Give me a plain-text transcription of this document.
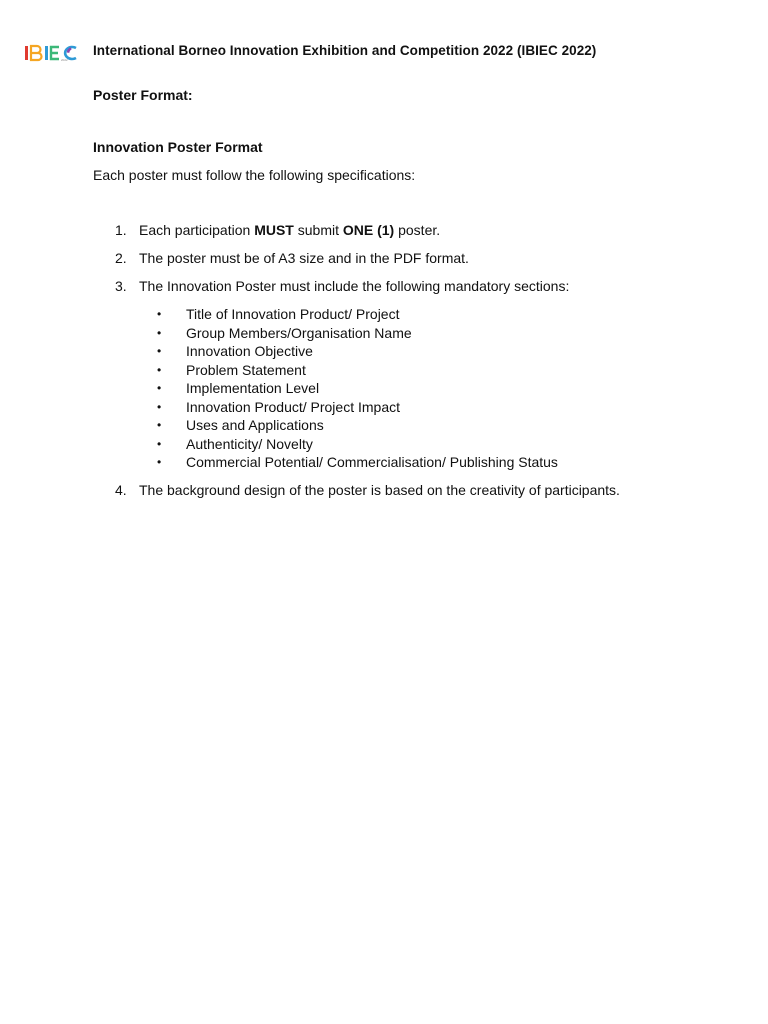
2022
International Borneo Innovation Exhibition and Competition 2022 (IBIEC 2022)
Poster Format:
Innovation Poster Format
Each poster must follow the following specifications:
1. Each participation MUST submit ONE (1) poster.
2. The poster must be of A3 size and in the PDF format.
3. The Innovation Poster must include the following mandatory sections:
• Title of Innovation Product/ Project
• Group Members/Organisation Name
• Innovation Objective
• Problem Statement
• Implementation Level
• Innovation Product/ Project Impact
• Uses and Applications
• Authenticity/ Novelty
• Commercial Potential/ Commercialisation/ Publishing Status
4. The background design of the poster is based on the creativity of participants.
